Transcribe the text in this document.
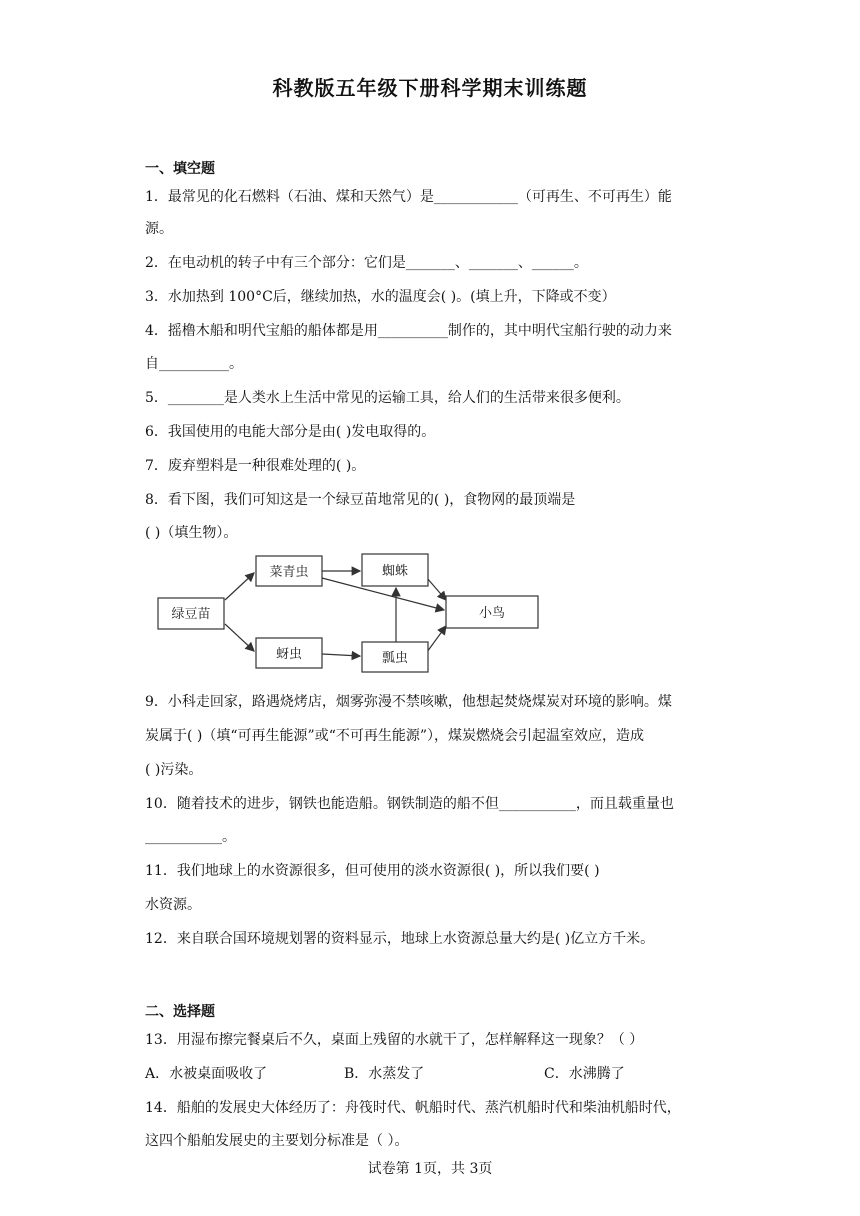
科教版五年级下册科学期末训练题
一、填空题
1．最常见的化石燃料（石油、煤和天然气）是____________（可再生、不可再生）能
源。
2．在电动机的转子中有三个部分：它们是_______、_______、______。
3．水加热到 100°C后，继续加热，水的温度会( )。(填上升，下降或不变）
4．摇橹木船和明代宝船的船体都是用__________制作的，其中明代宝船行驶的动力来
自__________。
5．________是人类水上生活中常见的运输工具，给人们的生活带来很多便利。
6．我国使用的电能大部分是由( )发电取得的。
7．废弃塑料是一种很难处理的( )。
8．看下图，我们可知这是一个绿豆苗地常见的( )，食物网的最顶端是
( )（填生物）。
绿豆苗
菜青虫	蜘蛛
小鸟
蚜虫	瓢虫
9．小科走回家，路遇烧烤店，烟雾弥漫不禁咳嗽，他想起焚烧煤炭对环境的影响。煤
炭属于( )（填“可再生能源”或“不可再生能源”），煤炭燃烧会引起温室效应，造成
( )污染。
10．随着技术的进步，钢铁也能造船。钢铁制造的船不但___________，而且载重量也
___________。
11．我们地球上的水资源很多，但可使用的淡水资源很( )，所以我们要( )
水资源。
12．来自联合国环境规划署的资料显示，地球上水资源总量大约是( )亿立方千米。
二、选择题
13．用湿布擦完餐桌后不久，桌面上残留的水就干了，怎样解释这一现象？（ ）
A．水被桌面吸收了	B．水蒸发了	C．水沸腾了
14．船舶的发展史大体经历了：舟筏时代、帆船时代、蒸汽机船时代和柴油机船时代，
这四个船舶发展史的主要划分标准是（ ）。
试卷第 1页，共 3页
